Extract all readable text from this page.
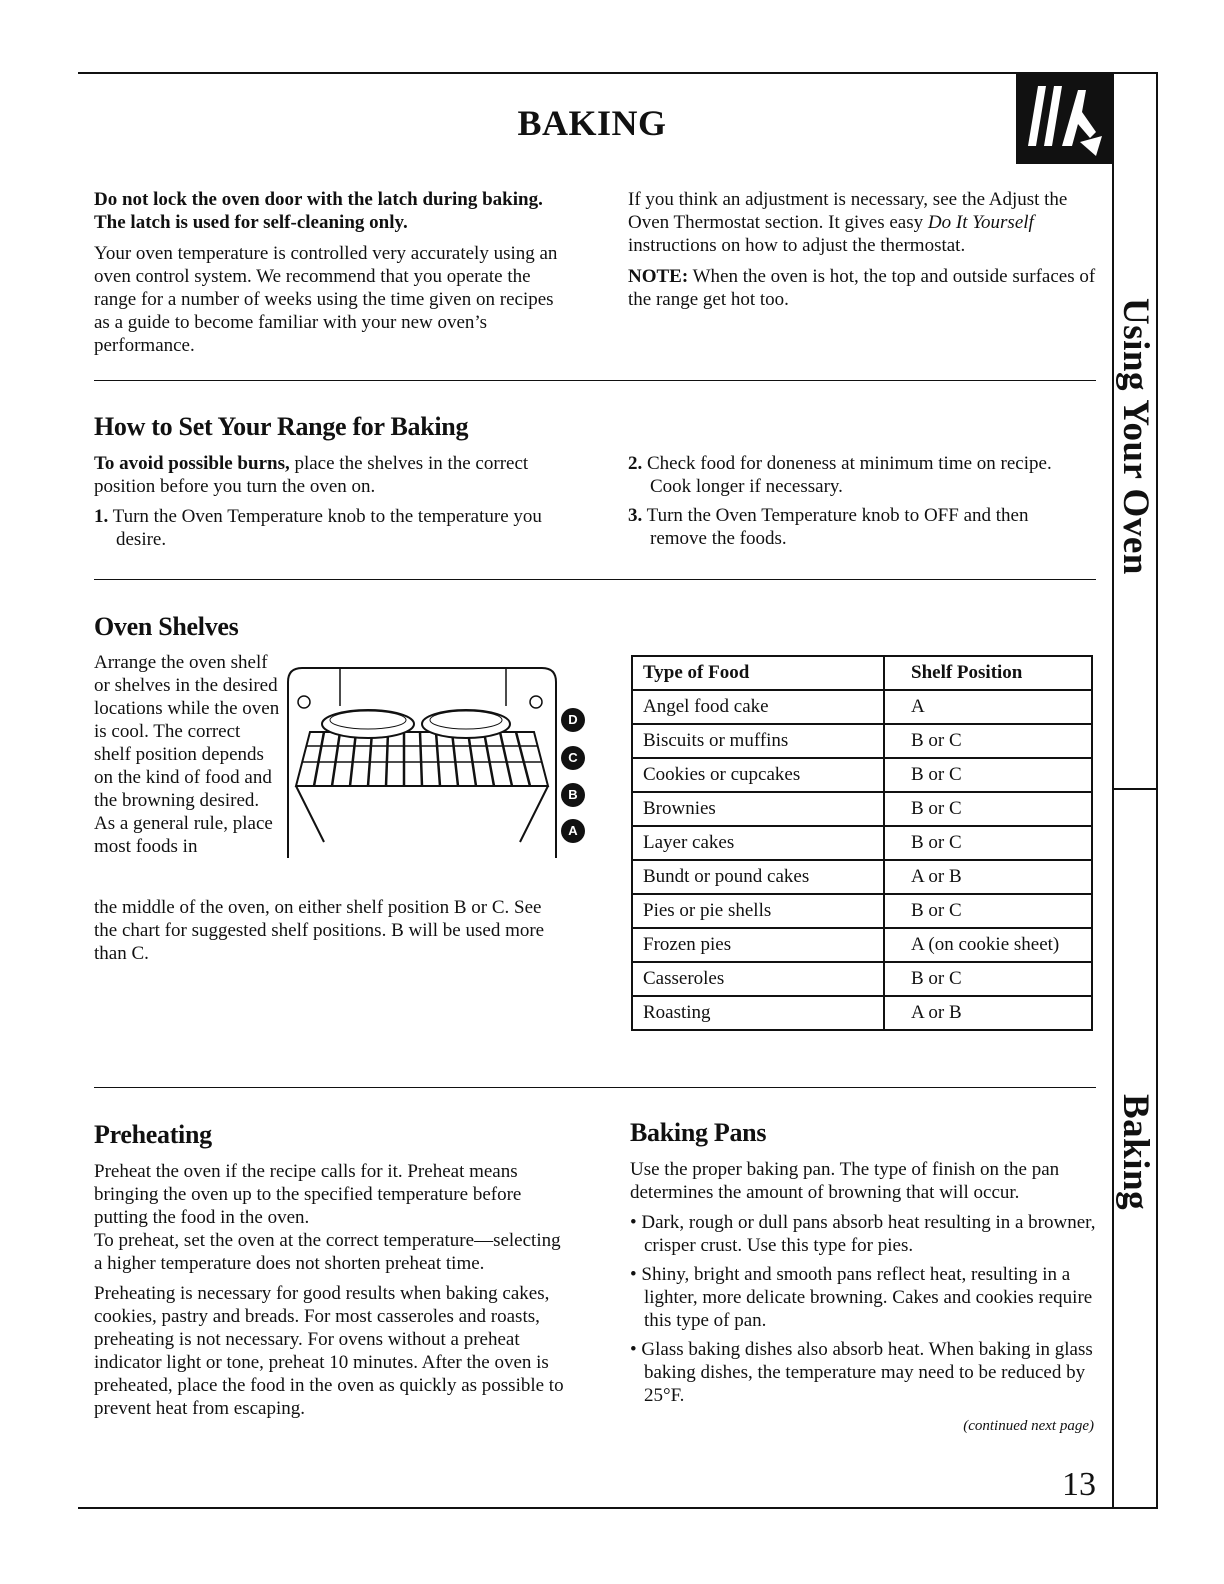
BAKING
Using Your Oven
Baking

Do not lock the oven door with the latch during baking. The latch is used for self-cleaning only.

Your oven temperature is controlled very accurately using an oven control system. We recommend that you operate the range for a number of weeks using the time given on recipes as a guide to become familiar with your new oven’s performance.

If you think an adjustment is necessary, see the Adjust the Oven Thermostat section. It gives easy Do It Yourself instructions on how to adjust the thermostat.

NOTE: When the oven is hot, the top and outside surfaces of the range get hot too.

How to Set Your Range for Baking

To avoid possible burns, place the shelves in the correct position before you turn the oven on.

1. Turn the Oven Temperature knob to the temperature you desire.
2. Check food for doneness at minimum time on recipe. Cook longer if necessary.
3. Turn the Oven Temperature knob to OFF and then remove the foods.
Oven Shelves

Arrange the oven shelf or shelves in the desired locations while the oven is cool. The correct shelf position depends on the kind of food and the browning desired. As a general rule, place most foods in

the middle of the oven, on either shelf position B or C. See the chart for suggested shelf positions. B will be used more than C.

D
C
B
A
Type of Food	Shelf Position
Angel food cake	A
Biscuits or muffins	B or C
Cookies or cupcakes	B or C
Brownies	B or C
Layer cakes	B or C
Bundt or pound cakes	A or B
Pies or pie shells	B or C
Frozen pies	A (on cookie sheet)
Casseroles	B or C
Roasting	A or B
Preheating

Preheat the oven if the recipe calls for it. Preheat means bringing the oven up to the specified temperature before putting the food in the oven.

To preheat, set the oven at the correct temperature—selecting a higher temperature does not shorten preheat time.

Preheating is necessary for good results when baking cakes, cookies, pastry and breads. For most casseroles and roasts, preheating is not necessary. For ovens without a preheat indicator light or tone, preheat 10 minutes. After the oven is preheated, place the food in the oven as quickly as possible to prevent heat from escaping.

Baking Pans

Use the proper baking pan. The type of finish on the pan determines the amount of browning that will occur.

• Dark, rough or dull pans absorb heat resulting in a browner, crisper crust. Use this type for pies.
• Shiny, bright and smooth pans reflect heat, resulting in a lighter, more delicate browning. Cakes and cookies require this type of pan.
• Glass baking dishes also absorb heat. When baking in glass baking dishes, the temperature may need to be reduced by 25°F.
(continued next page)
13
